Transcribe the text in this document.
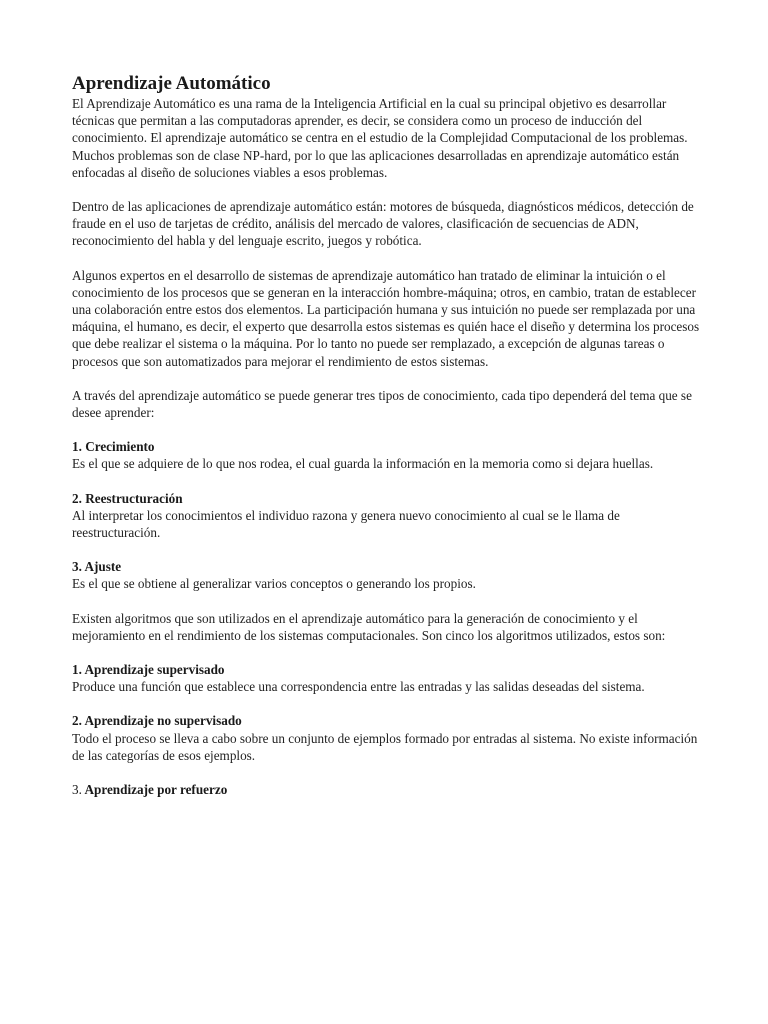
Aprendizaje Automático

El Aprendizaje Automático es una rama de la Inteligencia Artificial en la cual su principal objetivo es desarrollar técnicas que permitan a las computadoras aprender, es decir, se considera como un proceso de inducción del conocimiento. El aprendizaje automático se centra en el estudio de la Complejidad Computacional de los problemas. Muchos problemas son de clase NP-hard, por lo que las aplicaciones desarrolladas en aprendizaje automático están enfocadas al diseño de soluciones viables a esos problemas.

Dentro de las aplicaciones de aprendizaje automático están: motores de búsqueda, diagnósticos médicos, detección de fraude en el uso de tarjetas de crédito, análisis del mercado de valores, clasificación de secuencias de ADN, reconocimiento del habla y del lenguaje escrito, juegos y robótica.

Algunos expertos en el desarrollo de sistemas de aprendizaje automático han tratado de eliminar la intuición o el conocimiento de los procesos que se generan en la interacción hombre-máquina; otros, en cambio, tratan de establecer una colaboración entre estos dos elementos. La participación humana y sus intuición no puede ser remplazada por una máquina, el humano, es decir, el experto que desarrolla estos sistemas es quién hace el diseño y determina los procesos que debe realizar el sistema o la máquina. Por lo tanto no puede ser remplazado, a excepción de algunas tareas o procesos que son automatizados para mejorar el rendimiento de estos sistemas.

A través del aprendizaje automático se puede generar tres tipos de conocimiento, cada tipo dependerá del tema que se desee aprender:

1. Crecimiento

Es el que se adquiere de lo que nos rodea, el cual guarda la información en la memoria como si dejara huellas.

2. Reestructuración

Al interpretar los conocimientos el individuo razona y genera nuevo conocimiento al cual se le llama de reestructuración.

3. Ajuste

Es el que se obtiene al generalizar varios conceptos o generando los propios.

Existen algoritmos que son utilizados en el aprendizaje automático para la generación de conocimiento y el mejoramiento en el rendimiento de los sistemas computacionales. Son cinco los algoritmos utilizados, estos son:

1. Aprendizaje supervisado

Produce una función que establece una correspondencia entre las entradas y las salidas deseadas del sistema.

2. Aprendizaje no supervisado

Todo el proceso se lleva a cabo sobre un conjunto de ejemplos formado por entradas al sistema. No existe información de las categorías de esos ejemplos.

3. Aprendizaje por refuerzo
